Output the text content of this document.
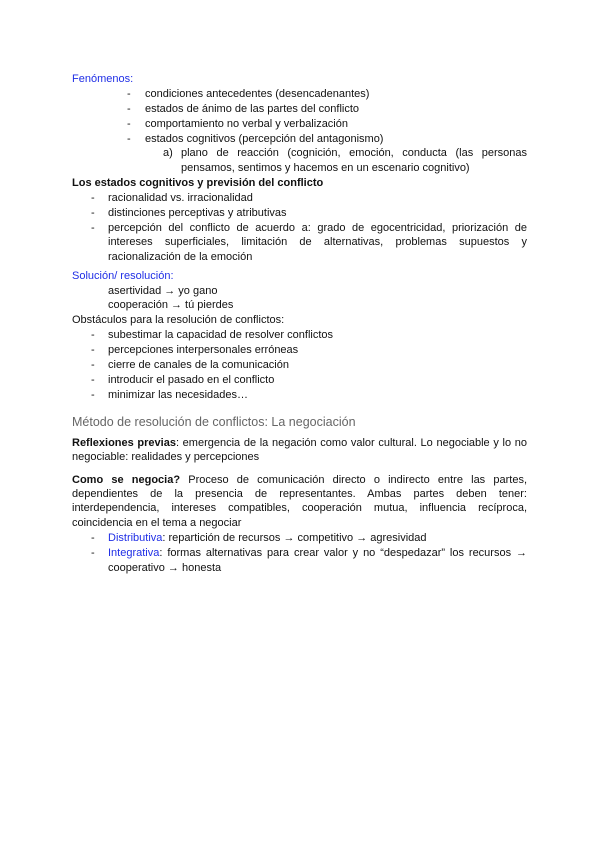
Fenómenos:
- condiciones antecedentes (desencadenantes)
- estados de ánimo de las partes del conflicto
- comportamiento no verbal y verbalización
- estados cognitivos (percepción del antagonismo)
a) plano de reacción (cognición, emoción, conducta (las personas
pensamos, sentimos y hacemos en un escenario cognitivo)
Los estados cognitivos y previsión del conflicto
- racionalidad vs. irracionalidad
- distinciones perceptivas y atributivas
- percepción del conflicto de acuerdo a: grado de egocentricidad, priorización de
intereses superficiales, limitación de alternativas, problemas supuestos y
racionalización de la emoción
Solución/ resolución:
asertividad → yo gano
cooperación → tú pierdes
Obstáculos para la resolución de conflictos:
- subestimar la capacidad de resolver conflictos
- percepciones interpersonales erróneas
- cierre de canales de la comunicación
- introducir el pasado en el conflicto
- minimizar las necesidades…
Método de resolución de conflictos: La negociación
Reflexiones previas: emergencia de la negación como valor cultural. Lo negociable y lo no
negociable: realidades y percepciones
Como se negocia? Proceso de comunicación directo o indirecto entre las partes,
dependientes de la presencia de representantes. Ambas partes deben tener:
interdependencia, intereses compatibles, cooperación mutua, influencia recíproca,
coincidencia en el tema a negociar
- Distributiva: repartición de recursos → competitivo → agresividad
- Integrativa: formas alternativas para crear valor y no “despedazar” los recursos →
cooperativo → honesta
